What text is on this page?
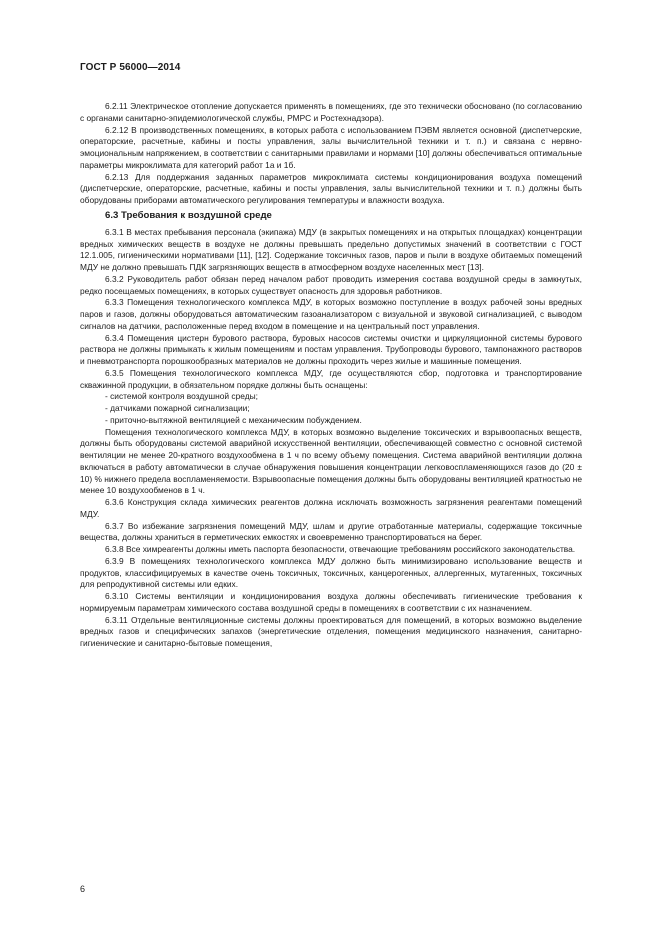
ГОСТ Р 56000—2014

6.2.11 Электрическое отопление допускается применять в помещениях, где это технически обосновано (по согласованию с органами санитарно-эпидемиологической службы, РМРС и Ростехнадзора).

6.2.12 В производственных помещениях, в которых работа с использованием ПЭВМ является основной (диспетчерские, операторские, расчетные, кабины и посты управления, залы вычислительной техники и т. п.) и связана с нервно-эмоциональным напряжением, в соответствии с санитарными правилами и нормами [10] должны обеспечиваться оптимальные параметры микроклимата для категорий работ 1а и 1б.

6.2.13 Для поддержания заданных параметров микроклимата системы кондиционирования воздуха помещений (диспетчерские, операторские, расчетные, кабины и посты управления, залы вычислительной техники и т. п.) должны быть оборудованы приборами автоматического регулирования температуры и влажности воздуха.

6.3 Требования к воздушной среде

6.3.1 В местах пребывания персонала (экипажа) МДУ (в закрытых помещениях и на открытых площадках) концентрации вредных химических веществ в воздухе не должны превышать предельно допустимых значений в соответствии с ГОСТ 12.1.005, гигиеническими нормативами [11], [12]. Содержание токсичных газов, паров и пыли в воздухе обитаемых помещений МДУ не должно превышать ПДК загрязняющих веществ в атмосферном воздухе населенных мест [13].

6.3.2 Руководитель работ обязан перед началом работ проводить измерения состава воздушной среды в замкнутых, редко посещаемых помещениях, в которых существует опасность для здоровья работников.

6.3.3 Помещения технологического комплекса МДУ, в которых возможно поступление в воздух рабочей зоны вредных паров и газов, должны оборудоваться автоматическим газоанализатором с визуальной и звуковой сигнализацией, с выводом сигналов на датчики, расположенные перед входом в помещение и на центральный пост управления.

6.3.4 Помещения цистерн бурового раствора, буровых насосов системы очистки и циркуляционной системы бурового раствора не должны примыкать к жилым помещениям и постам управления. Трубопроводы бурового, тампонажного растворов и пневмотранспорта порошкообразных материалов не должны проходить через жилые и машинные помещения.

6.3.5 Помещения технологического комплекса МДУ, где осуществляются сбор, подготовка и транспортирование скважинной продукции, в обязательном порядке должны быть оснащены:

- системой контроля воздушной среды;

- датчиками пожарной сигнализации;

- приточно-вытяжной вентиляцией с механическим побуждением.

Помещения технологического комплекса МДУ, в которых возможно выделение токсических и взрывоопасных веществ, должны быть оборудованы системой аварийной искусственной вентиляции, обеспечивающей совместно с основной системой вентиляции не менее 20-кратного воздухообмена в 1 ч по всему объему помещения. Система аварийной вентиляции должна включаться в работу автоматически в случае обнаружения повышения концентрации легковоспламеняющихся газов до (20 ± 10) % нижнего предела воспламеняемости. Взрывоопасные помещения должны быть оборудованы вентиляцией кратностью не менее 10 воздухообменов в 1 ч.

6.3.6 Конструкция склада химических реагентов должна исключать возможность загрязнения реагентами помещений МДУ.

6.3.7 Во избежание загрязнения помещений МДУ, шлам и другие отработанные материалы, содержащие токсичные вещества, должны храниться в герметических емкостях и своевременно транспортироваться на берег.

6.3.8 Все химреагенты должны иметь паспорта безопасности, отвечающие требованиям российского законодательства.

6.3.9 В помещениях технологического комплекса МДУ должно быть минимизировано использование веществ и продуктов, классифицируемых в качестве очень токсичных, токсичных, канцерогенных, аллергенных, мутагенных, токсичных для репродуктивной системы или едких.

6.3.10 Системы вентиляции и кондиционирования воздуха должны обеспечивать гигиенические требования к нормируемым параметрам химического состава воздушной среды в помещениях в соответствии с их назначением.

6.3.11 Отдельные вентиляционные системы должны проектироваться для помещений, в которых возможно выделение вредных газов и специфических запахов (энергетические отделения, помещения медицинского назначения, санитарно-гигиенические и санитарно-бытовые помещения,

6
